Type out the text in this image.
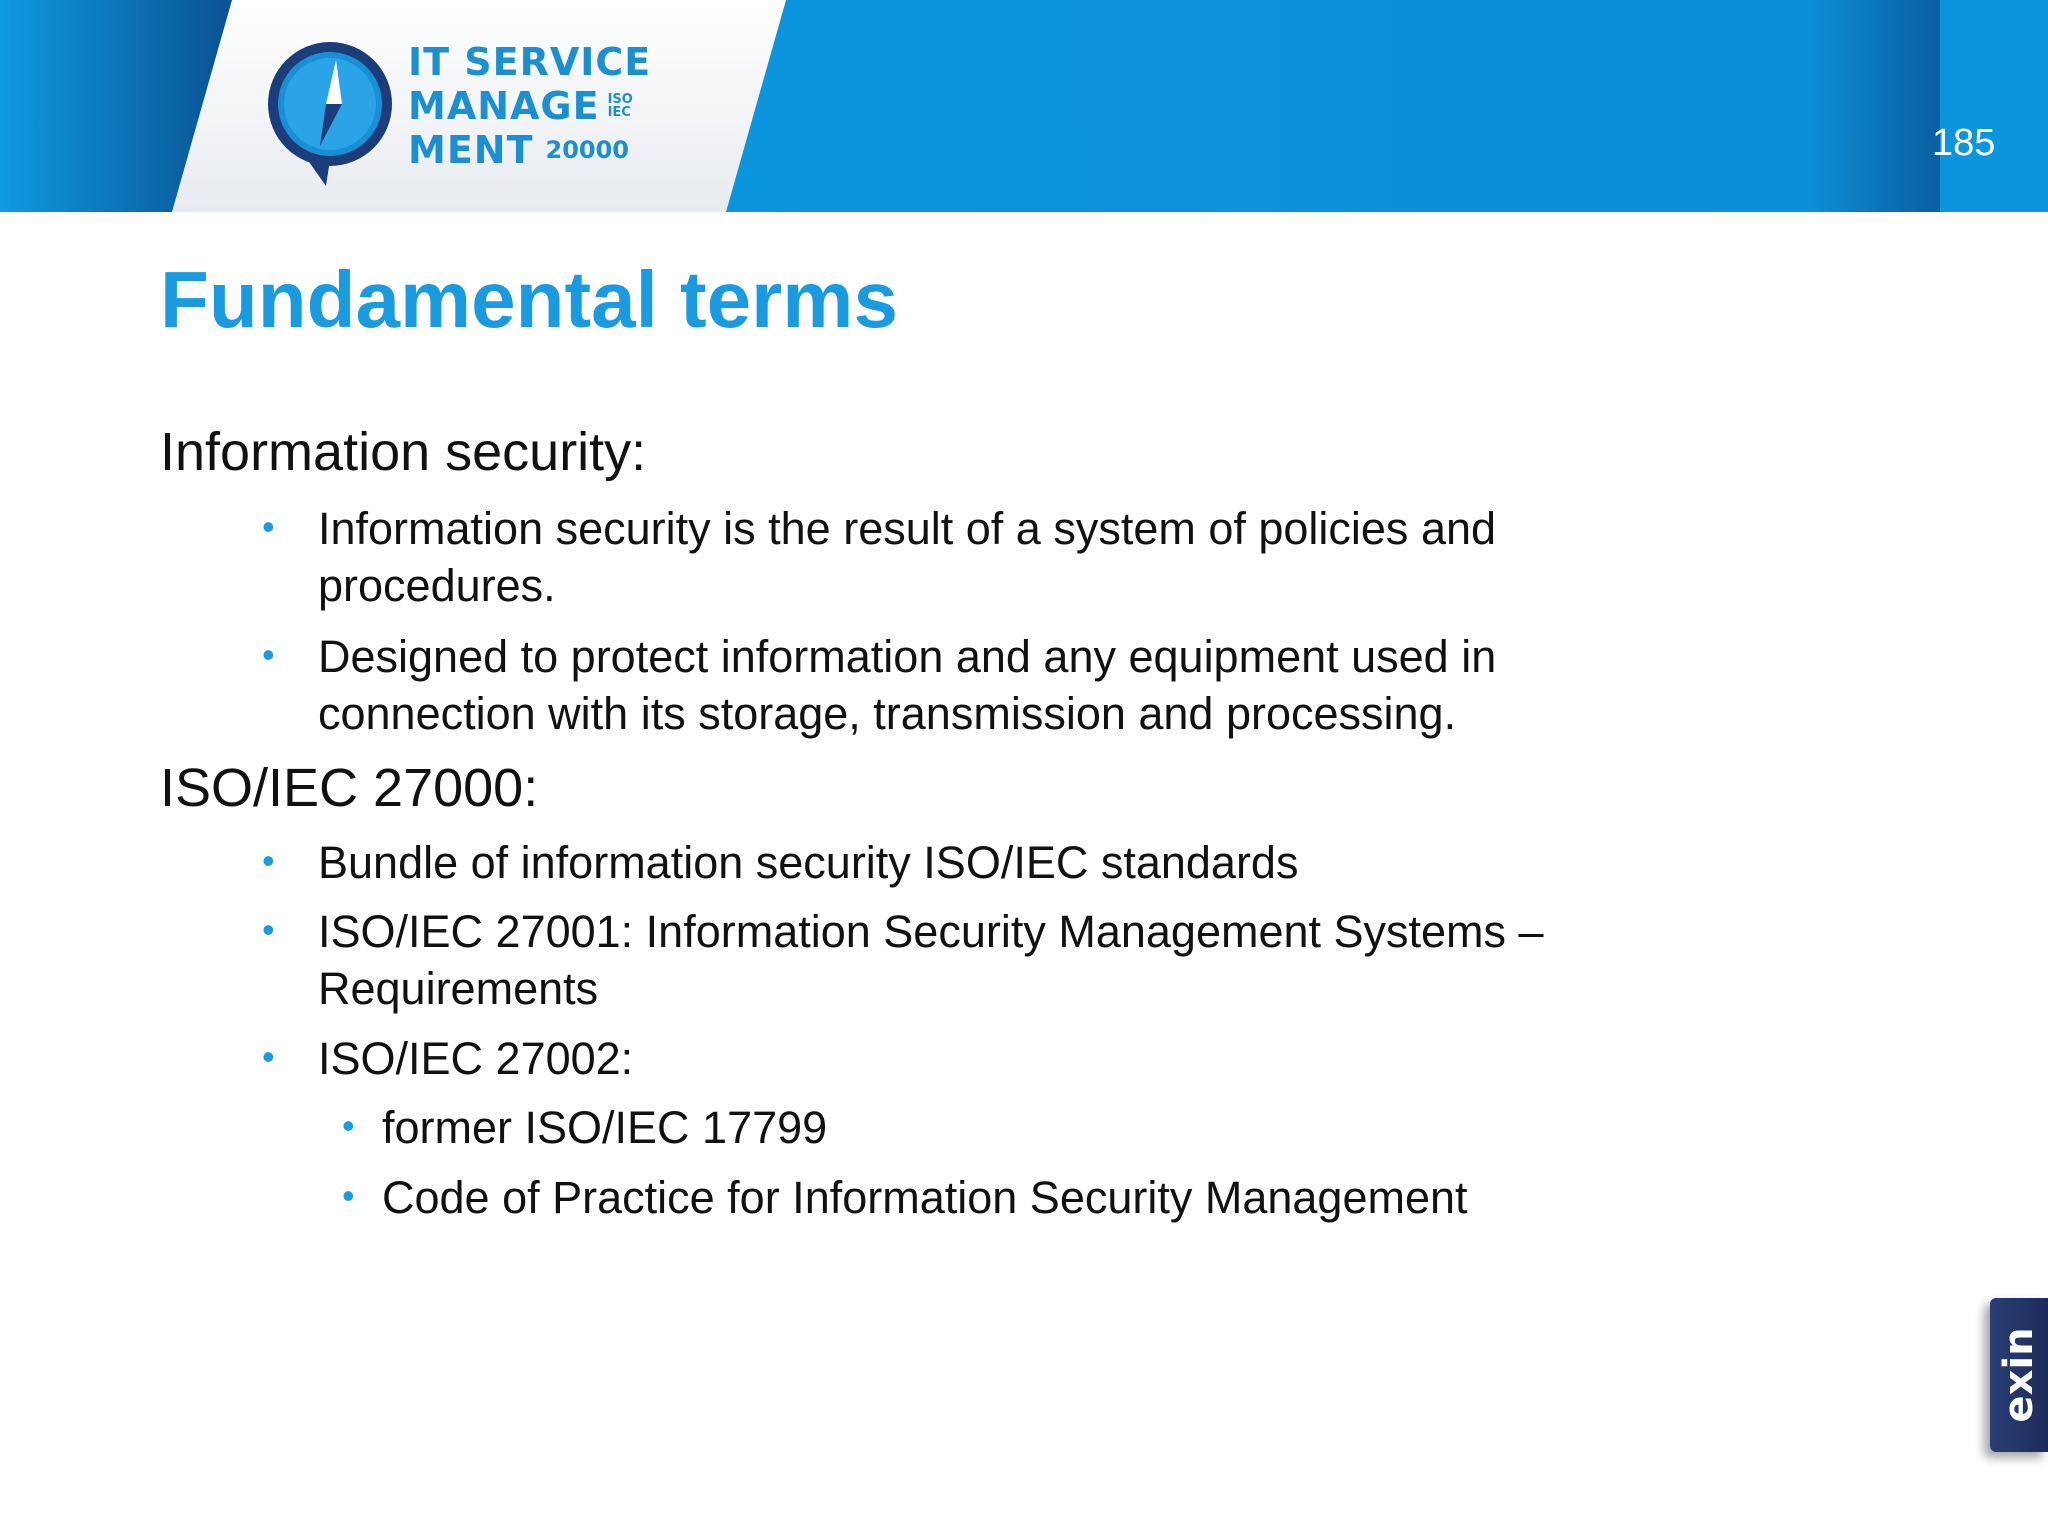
IT SERVICE
MANAGE ISO
IEC
MENT 20000	185
Fundamental terms

Information security:

• Information security is the result of a system of policies and procedures.
• Designed to protect information and any equipment used in connection with its storage, transmission and processing.

ISO/IEC 27000:

• Bundle of information security ISO/IEC standards
• ISO/IEC 27001: Information Security Management Systems – Requirements
• ISO/IEC 27002:
• former ISO/IEC 17799
• Code of Practice for Information Security Management
exin
